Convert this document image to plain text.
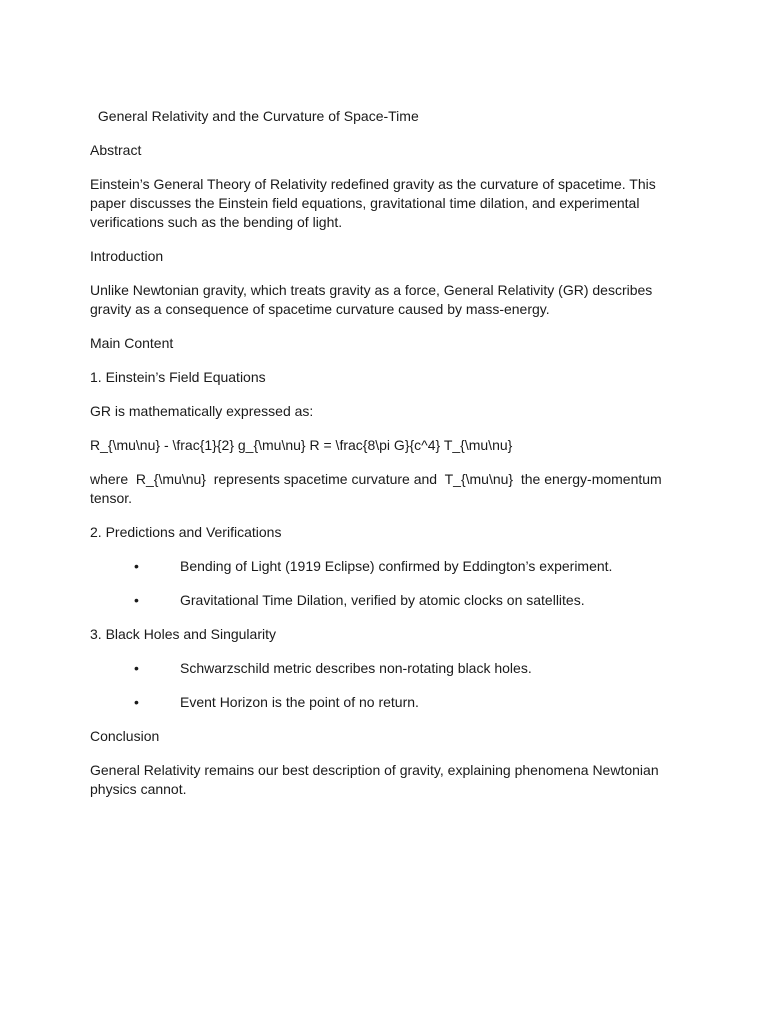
General Relativity and the Curvature of Space-Time

Abstract

Einstein’s General Theory of Relativity redefined gravity as the curvature of spacetime. This paper discusses the Einstein field equations, gravitational time dilation, and experimental verifications such as the bending of light.

Introduction

Unlike Newtonian gravity, which treats gravity as a force, General Relativity (GR) describes gravity as a consequence of spacetime curvature caused by mass-energy.

Main Content

1. Einstein’s Field Equations

GR is mathematically expressed as:

R_{\mu\nu} - \frac{1}{2} g_{\mu\nu} R = \frac{8\pi G}{c^4} T_{\mu\nu}

where  R_{\mu\nu}  represents spacetime curvature and  T_{\mu\nu}  the energy-momentum tensor.

2. Predictions and Verifications

•	Bending of Light (1919 Eclipse) confirmed by Eddington’s experiment.
•	Gravitational Time Dilation, verified by atomic clocks on satellites.

3. Black Holes and Singularity

•	Schwarzschild metric describes non-rotating black holes.
•	Event Horizon is the point of no return.

Conclusion

General Relativity remains our best description of gravity, explaining phenomena Newtonian physics cannot.
